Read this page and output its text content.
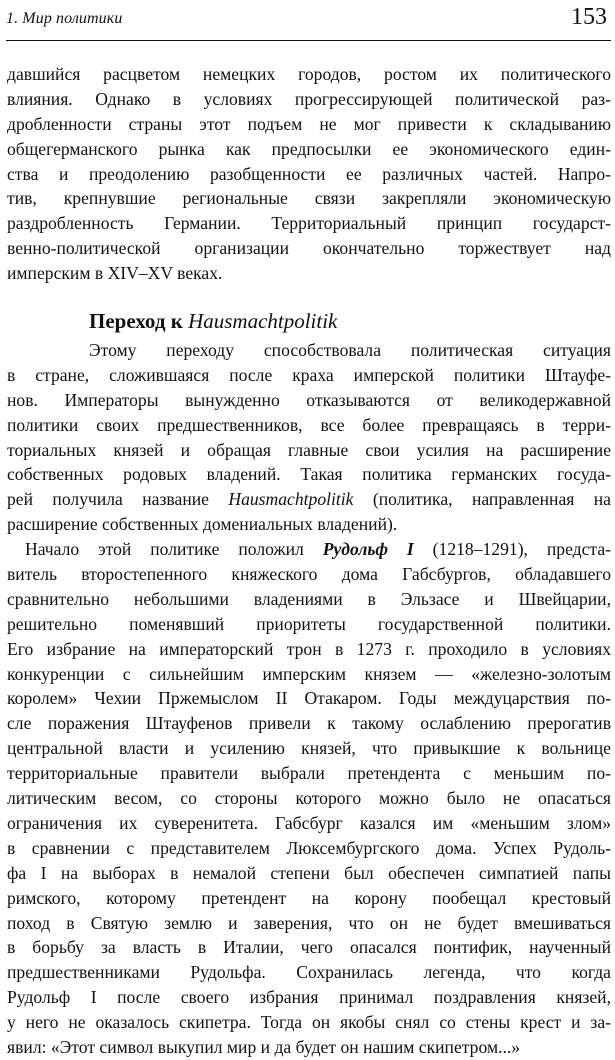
1. Мир политики	153
давшийся расцветом немецких городов, ростом их политического
влияния. Однако в условиях прогрессирующей политической раз-
дробленности страны этот подъем не мог привести к складыванию
общегерманского рынка как предпосылки ее экономического един-
ства и преодолению разобщенности ее различных частей. Напро-
тив, крепнувшие региональные связи закрепляли экономическую
раздробленность Германии. Территориальный принцип государст-
венно-политической организации окончательно торжествует над
имперским в XIV–XV веках.
Переход к Hausmachtpolitik
Этому переходу способствовала политическая ситуация
в стране, сложившаяся после краха имперской политики Штауфе-
нов. Императоры вынужденно отказываются от великодержавной
политики своих предшественников, все более превращаясь в терри-
ториальных князей и обращая главные свои усилия на расширение
собственных родовых владений. Такая политика германских госуда-
рей получила название Hausmachtpolitik (политика, направленная на
расширение собственных домениальных владений).
Начало этой политике положил Рудольф I (1218–1291), предста-
витель второстепенного княжеского дома Габсбургов, обладавшего
сравнительно небольшими владениями в Эльзасе и Швейцарии,
решительно поменявший приоритеты государственной политики.
Его избрание на императорский трон в 1273 г. проходило в условиях
конкуренции с сильнейшим имперским князем — «железно-золотым
королем» Чехии Пржемыслом II Отакаром. Годы междуцарствия по-
сле поражения Штауфенов привели к такому ослаблению прерогатив
центральной власти и усилению князей, что привыкшие к вольнице
территориальные правители выбрали претендента с меньшим по-
литическим весом, со стороны которого можно было не опасаться
ограничения их суверенитета. Габсбург казался им «меньшим злом»
в сравнении с представителем Люксембургского дома. Успех Рудоль-
фа I на выборах в немалой степени был обеспечен симпатией папы
римского, которому претендент на корону пообещал крестовый
поход в Святую землю и заверения, что он не будет вмешиваться
в борьбу за власть в Италии, чего опасался понтифик, наученный
предшественниками Рудольфа. Сохранилась легенда, что когда
Рудольф I после своего избрания принимал поздравления князей,
у него не оказалось скипетра. Тогда он якобы снял со стены крест и за-
явил: «Этот символ выкупил мир и да будет он нашим скипетром...»
